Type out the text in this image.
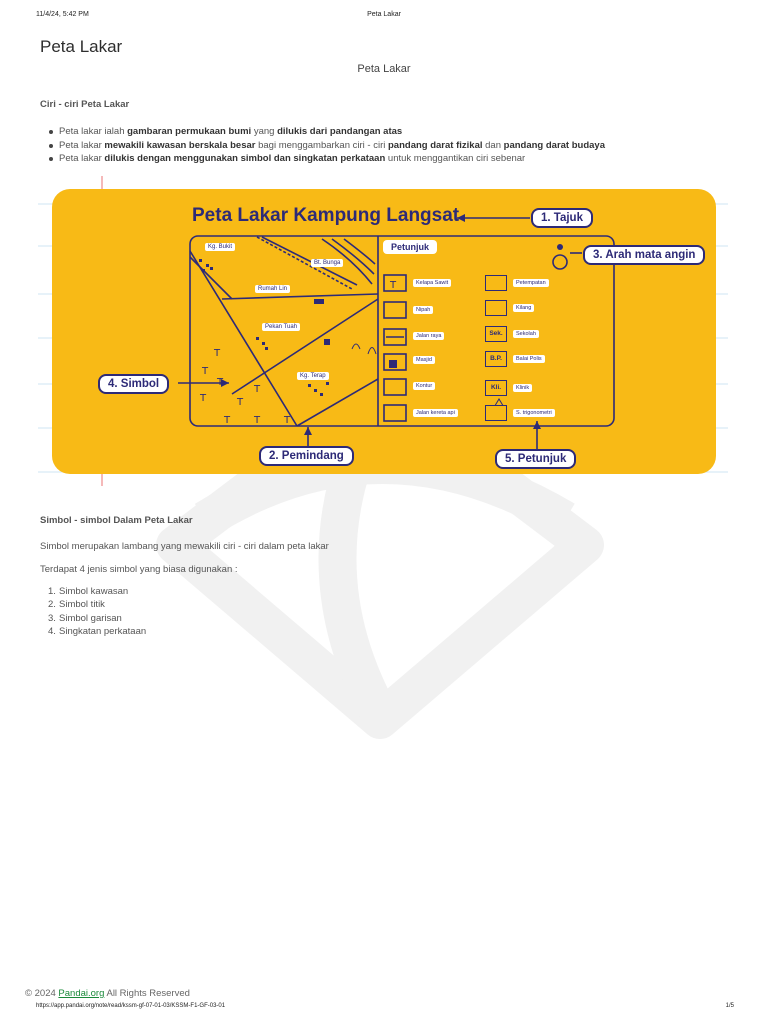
11/4/24, 5:42 PM	Peta Lakar
Peta Lakar
Peta Lakar
Ciri - ciri Peta Lakar
Peta lakar ialah gambaran permukaan bumi yang dilukis dari pandangan atas
Peta lakar mewakili kawasan berskala besar bagi menggambarkan ciri - ciri pandang darat fizikal dan pandang darat budaya
Peta lakar dilukis dengan menggunakan simbol dan singkatan perkataan untuk menggantikan ciri sebenar
T
T
T
T	T
T
T T T
T
Peta Lakar Kampung Langsat	1. Tajuk
3. Arah mata angin
4. Simbol
2. Pemindang	5. Petunjuk
Kg. Bukit
Bt. Bunga
Rumah Lin
Pekan Tuah
Kg. Terap
Petunjuk
Kelapa Sawit
Nipah
Jalan raya
Masjid
Kontur
Jalan kereta api
Sek.
B.P.
Kli.
Petempatan
Kilang
Sekolah
Balai Polis
Klinik
S. trigonometri
Simbol - simbol Dalam Peta Lakar
Simbol merupakan lambang yang mewakili ciri - ciri dalam peta lakar
Terdapat 4 jenis simbol yang biasa digunakan :
1. Simbol kawasan
2. Simbol titik
3. Simbol garisan
4. Singkatan perkataan
© 2024 Pandai.org All Rights Reserved
https://app.pandai.org/note/read/kssm-gf-07-01-03/KSSM-F1-GF-03-01	1/5
